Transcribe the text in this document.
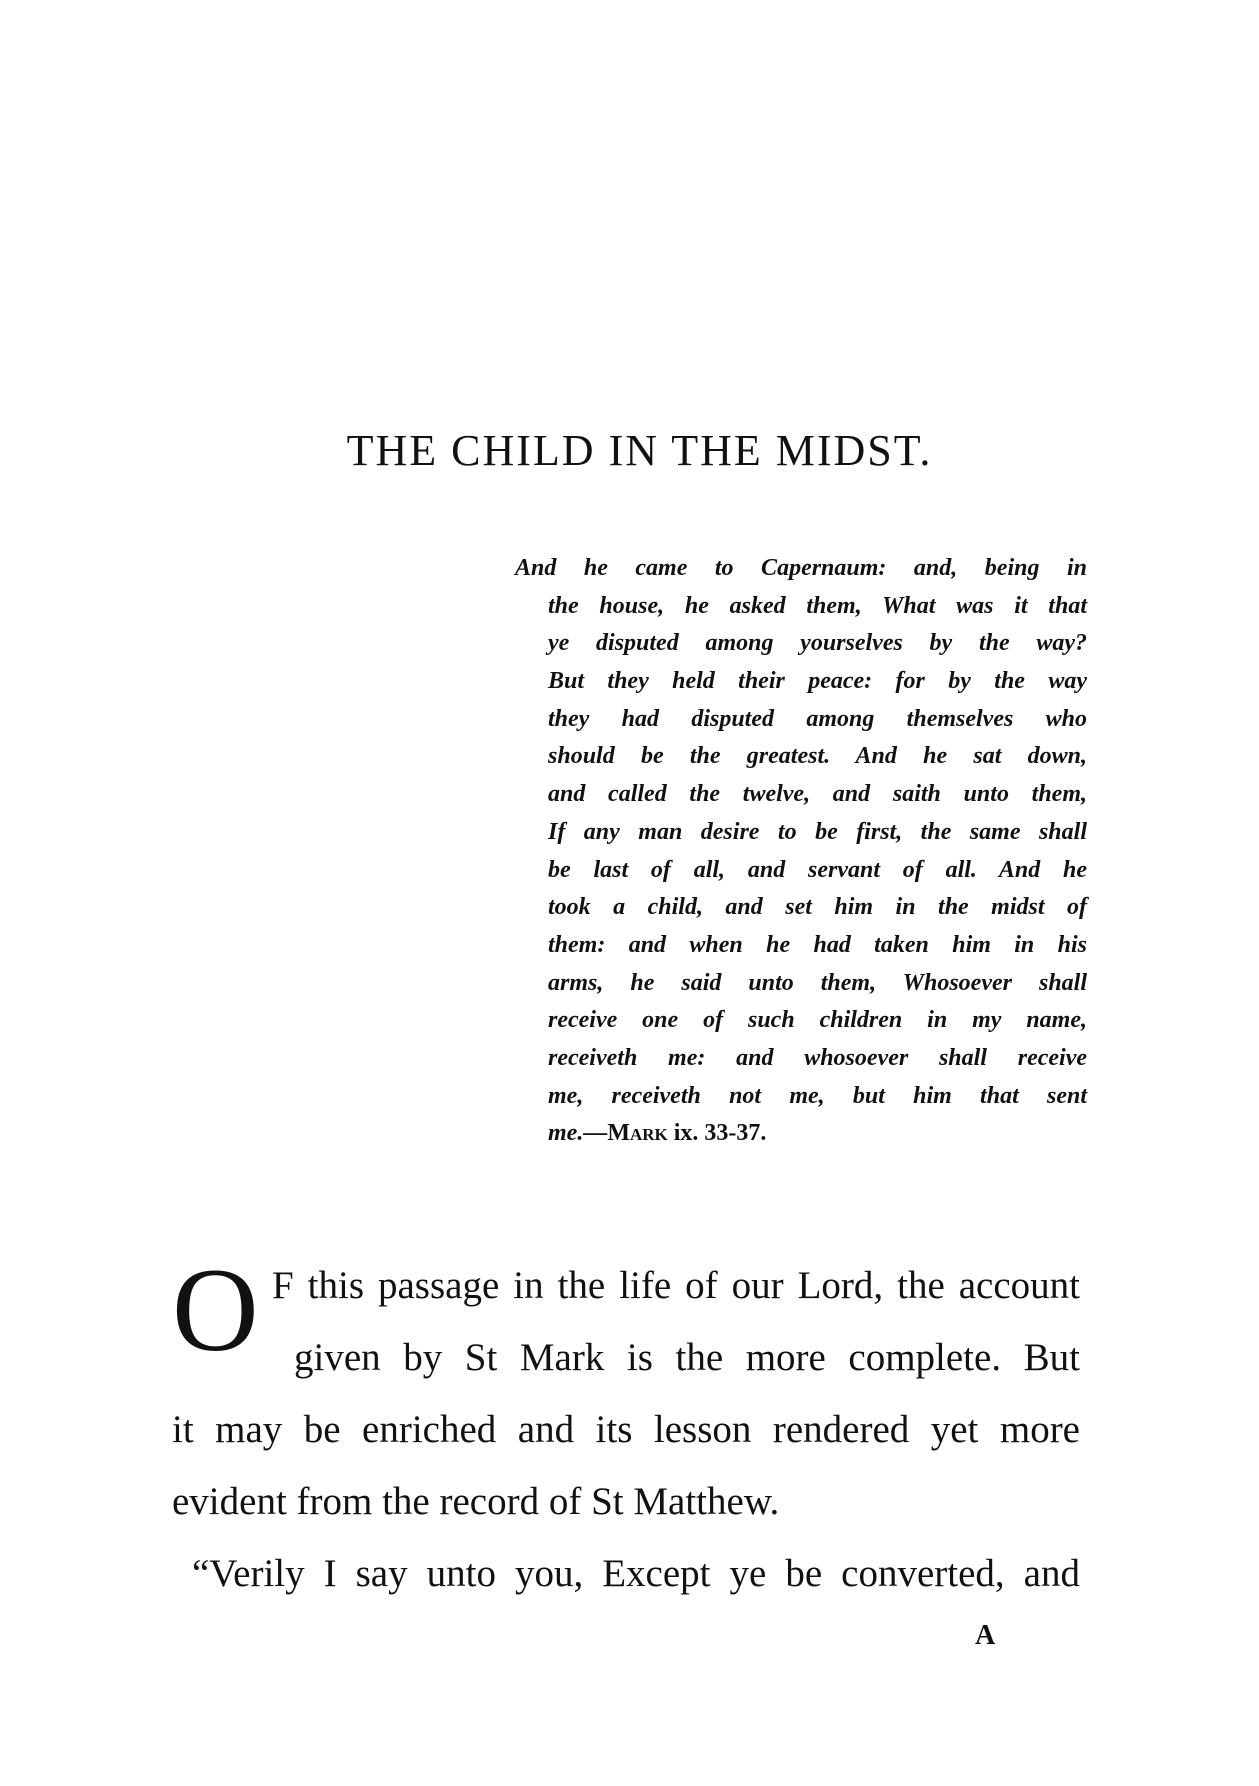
THE CHILD IN THE MIDST.
And he came to Capernaum: and, being in
the house, he asked them, What was it that
ye disputed among yourselves by the way?
But they held their peace: for by the way
they had disputed among themselves who
should be the greatest. And he sat down,
and called the twelve, and saith unto them,
If any man desire to be first, the same shall
be last of all, and servant of all. And he
took a child, and set him in the midst of
them: and when he had taken him in his
arms, he said unto them, Whosoever shall
receive one of such children in my name,
receiveth me: and whosoever shall receive
me, receiveth not me, but him that sent
me.—Mark ix. 33-37.
O F this passage in the life of our Lord, the account
given by St Mark is the more complete. But
it may be enriched and its lesson rendered yet more
evident from the record of St Matthew.
“Verily I say unto you, Except ye be converted, and
A
